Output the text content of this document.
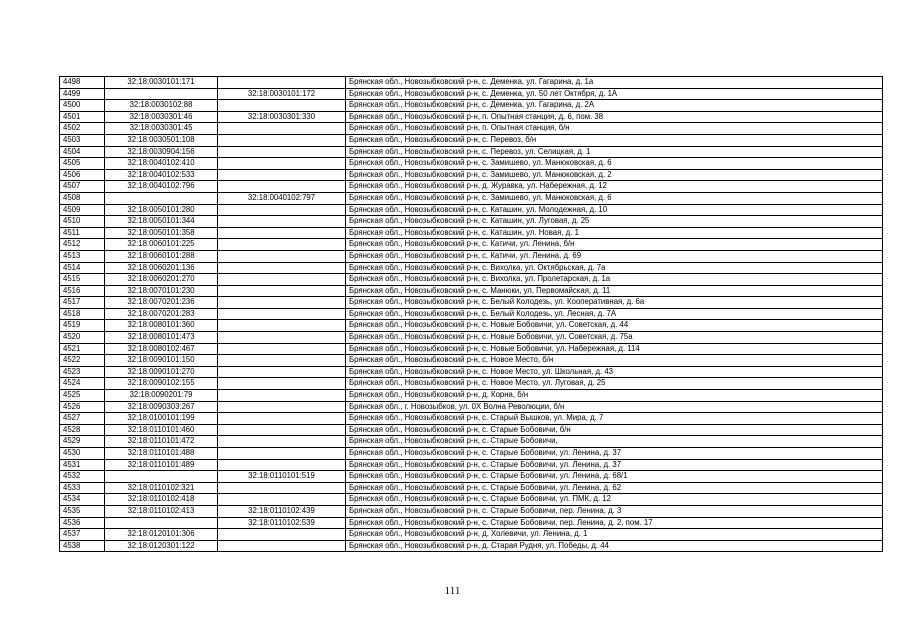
4498	32:18:0030101:171		Брянская обл., Новозыбковский р-н, с. Деменка, ул. Гагарина, д. 1а
4499		32:18:0030101:172	Брянская обл., Новозыбковский р-н, с. Деменка, ул. 50 лет Октября, д. 1А
4500	32:18:0030102:88		Брянская обл., Новозыбковский р-н, с. Деменка, ул. Гагарина, д. 2А
4501	32:18:0030301:46	32:18:0030301:330	Брянская обл., Новозыбковский р-н, п. Опытная станция, д. 6, пом. 38
4502	32:18:0030301:45		Брянская обл., Новозыбковский р-н, п. Опытная станция, б/н
4503	32:18:0030501:108		Брянская обл., Новозыбковский р-н, с. Перевоз, б/н
4504	32:18:0030904:156		Брянская обл., Новозыбковский р-н, с. Перевоз, ул. Селицкая, д. 1
4505	32:18:0040102:410		Брянская обл., Новозыбковский р-н, с. Замишево, ул. Манюковская, д. 6
4506	32:18:0040102:533		Брянская обл., Новозыбковский р-н, с. Замишево, ул. Манюковская, д. 2
4507	32:18:0040102:796		Брянская обл., Новозыбковский р-н, д. Журавка, ул. Набережная, д. 12
4508		32:18:0040102:797	Брянская обл., Новозыбковский р-н, с. Замишево, ул. Манюковская, д. 6
4509	32:18:0050101:280		Брянская обл., Новозыбковский р-н, с. Каташин, ул. Молодежная, д. 10
4510	32:18:0050101:344		Брянская обл., Новозыбковский р-н, с. Каташин, ул. Луговая, д. 25
4511	32:18:0050101:358		Брянская обл., Новозыбковский р-н, с. Каташин, ул. Новая, д. 1
4512	32:18:0060101:225		Брянская обл., Новозыбковский р-н, с. Катичи, ул. Ленина, б/н
4513	32:18:0060101:288		Брянская обл., Новозыбковский р-н, с. Катичи, ул. Ленина, д. 69
4514	32:18:0060201:136		Брянская обл., Новозыбковский р-н, с. Вихолка, ул. Октябрьская, д. 7а
4515	32:18:0060201:270		Брянская обл., Новозыбковский р-н, с. Вихолка, ул. Пролетарская, д. 1а
4516	32:18:0070101:230		Брянская обл., Новозыбковский р-н, с. Манюки, ул. Первомайская, д. 11
4517	32:18:0070201:236		Брянская обл., Новозыбковский р-н, с. Белый Колодезь, ул. Кооперативная, д. 6а
4518	32:18:0070201:283		Брянская обл., Новозыбковский р-н, с. Белый Колодезь, ул. Лесная, д. 7А
4519	32:18:0080101:360		Брянская обл., Новозыбковский р-н, с. Новые Бобовичи, ул. Советская, д. 44
4520	32:18:0080101:473		Брянская обл., Новозыбковский р-н, с. Новые Бобовичи, ул. Советская, д. 75а
4521	32:18:0080102:467		Брянская обл., Новозыбковский р-н, с. Новые Бобовичи, ул. Набережная, д. 114
4522	32:18:0090101:150		Брянская обл., Новозыбковский р-н, с. Новое Место, б/н
4523	32:18:0090101:270		Брянская обл., Новозыбковский р-н, с. Новое Место, ул. Школьная, д. 43
4524	32:18:0090102:155		Брянская обл., Новозыбковский р-н, с. Новое Место, ул. Луговая, д. 25
4525	32:18:0090201:79		Брянская обл., Новозыбковский р-н, д. Корна, б/н
4526	32:18:0090303:267		Брянская обл., г. Новозыбков, ул. 0Х Волна Революции, б/н
4527	32:18:0100101:199		Брянская обл., Новозыбковский р-н, с. Старый Вышков, ул. Мира, д. 7
4528	32:18:0110101:460		Брянская обл., Новозыбковский р-н, с. Старые Бобовичи, б/н
4529	32:18:0110101:472		Брянская обл., Новозыбковский р-н, с. Старые Бобовичи,
4530	32:18:0110101:488		Брянская обл., Новозыбковский р-н, с. Старые Бобовичи, ул. Ленина, д. 37
4531	32:18:0110101:489		Брянская обл., Новозыбковский р-н, с. Старые Бобовичи, ул. Ленина, д. 37
4532		32:18:0110101:519	Брянская обл., Новозыбковский р-н, с. Старые Бобовичи, ул. Ленина, д. 68/1
4533	32:18:0110102:321		Брянская обл., Новозыбковский р-н, с. Старые Бобовичи, ул. Ленина, д. 62
4534	32:18:0110102:418		Брянская обл., Новозыбковский р-н, с. Старые Бобовичи, ул. ПМК, д. 12
4535	32:18:0110102:413	32:18:0110102:439	Брянская обл., Новозыбковский р-н, с. Старые Бобовичи, пер. Ленина, д. 3
4536		32:18:0110102:539	Брянская обл., Новозыбковский р-н, с. Старые Бобовичи, пер. Ленина, д. 2, пом. 17
4537	32:18:0120101:306		Брянская обл., Новозыбковский р-н, д. Холевичи, ул. Ленина, д. 1
4538	32:18:0120301:122		Брянская обл., Новозыбковский р-н, д. Старая Рудня, ул. Победы, д. 44
111
